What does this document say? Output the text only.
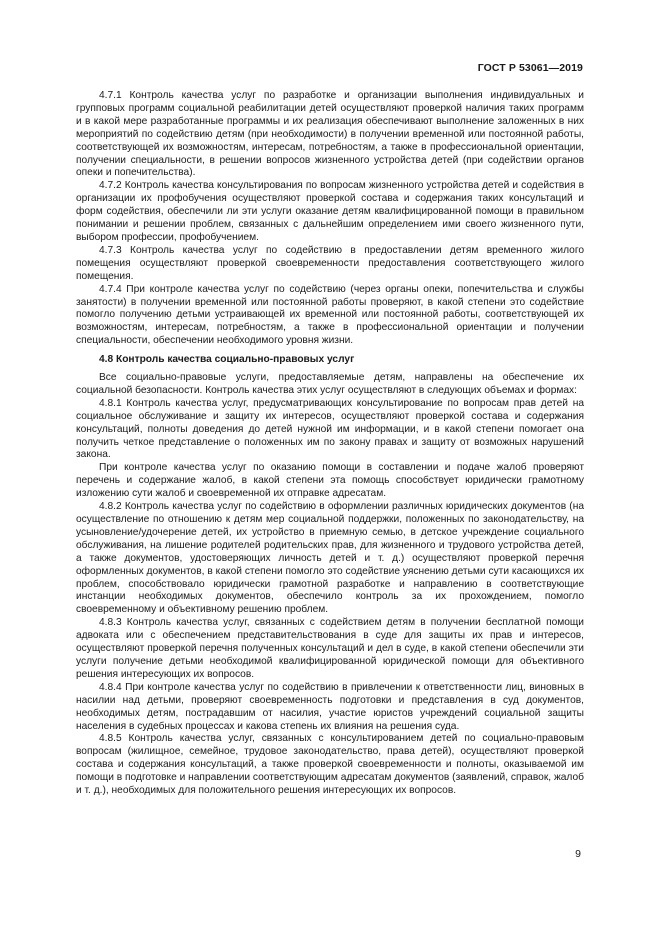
ГОСТ Р 53061—2019

4.7.1 Контроль качества услуг по разработке и организации выполнения индивидуальных и групповых программ социальной реабилитации детей осуществляют проверкой наличия таких программ и в какой мере разработанные программы и их реализация обеспечивают выполнение заложенных в них мероприятий по содействию детям (при необходимости) в получении временной или постоянной работы, соответствующей их возможностям, интересам, потребностям, а также в профессиональной ориентации, получении специальности, в решении вопросов жизненного устройства детей (при содействии органов опеки и попечительства).

4.7.2 Контроль качества консультирования по вопросам жизненного устройства детей и содействия в организации их профобучения осуществляют проверкой состава и содержания таких консультаций и форм содействия, обеспечили ли эти услуги оказание детям квалифицированной помощи в правильном понимании и решении проблем, связанных с дальнейшим определением ими своего жизненного пути, выбором профессии, профобучением.

4.7.3 Контроль качества услуг по содействию в предоставлении детям временного жилого помещения осуществляют проверкой своевременности предоставления соответствующего жилого помещения.

4.7.4 При контроле качества услуг по содействию (через органы опеки, попечительства и службы занятости) в получении временной или постоянной работы проверяют, в какой степени это содействие помогло получению детьми устраивающей их временной или постоянной работы, соответствующей их возможностям, интересам, потребностям, а также в профессиональной ориентации и получении специальности, обеспечении необходимого уровня жизни.

4.8 Контроль качества социально-правовых услуг

Все социально-правовые услуги, предоставляемые детям, направлены на обеспечение их социальной безопасности. Контроль качества этих услуг осуществляют в следующих объемах и формах:

4.8.1 Контроль качества услуг, предусматривающих консультирование по вопросам прав детей на социальное обслуживание и защиту их интересов, осуществляют проверкой состава и содержания консультаций, полноты доведения до детей нужной им информации, и в какой степени помогает она получить четкое представление о положенных им по закону правах и защиту от возможных нарушений закона.

При контроле качества услуг по оказанию помощи в составлении и подаче жалоб проверяют перечень и содержание жалоб, в какой степени эта помощь способствует юридически грамотному изложению сути жалоб и своевременной их отправке адресатам.

4.8.2 Контроль качества услуг по содействию в оформлении различных юридических документов (на осуществление по отношению к детям мер социальной поддержки, положенных по законодательству, на усыновление/удочерение детей, их устройство в приемную семью, в детское учреждение социального обслуживания, на лишение родителей родительских прав, для жизненного и трудового устройства детей, а также документов, удостоверяющих личность детей и т. д.) осуществляют проверкой перечня оформленных документов, в какой степени помогло это содействие уяснению детьми сути касающихся их проблем, способствовало юридически грамотной разработке и направлению в соответствующие инстанции необходимых документов, обеспечило контроль за их прохождением, помогло своевременному и объективному решению проблем.

4.8.3 Контроль качества услуг, связанных с содействием детям в получении бесплатной помощи адвоката или с обеспечением представительствования в суде для защиты их прав и интересов, осуществляют проверкой перечня полученных консультаций и дел в суде, в какой степени обеспечили эти услуги получение детьми необходимой квалифицированной юридической помощи для объективного решения интересующих их вопросов.

4.8.4 При контроле качества услуг по содействию в привлечении к ответственности лиц, виновных в насилии над детьми, проверяют своевременность подготовки и представления в суд документов, необходимых детям, пострадавшим от насилия, участие юристов учреждений социальной защиты населения в судебных процессах и какова степень их влияния на решения суда.

4.8.5 Контроль качества услуг, связанных с консультированием детей по социально-правовым вопросам (жилищное, семейное, трудовое законодательство, права детей), осуществляют проверкой состава и содержания консультаций, а также проверкой своевременности и полноты, оказываемой им помощи в подготовке и направлении соответствующим адресатам документов (заявлений, справок, жалоб и т. д.), необходимых для положительного решения интересующих их вопросов.

9
